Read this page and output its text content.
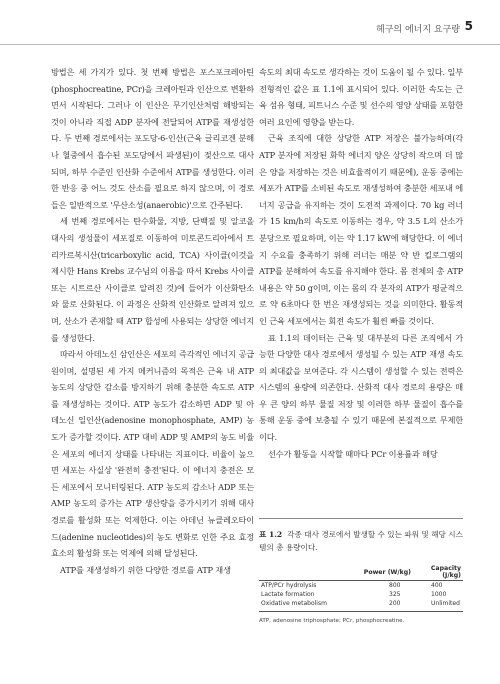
헤구의 에너지 요구량 5

방법은 세 가지가 있다. 첫 번째 방법은 포스포크레아틴(phosphocreatine, PCr)을 크레아틴과 인산으로 변환하면서 시작된다. 그러나 이 인산은 무기인산처럼 해방되는 것이 아니라 직접 ADP 분자에 전달되어 ATP를 재생성한다. 두 번째 경로에서는 포도당-6-인산(근육 글리코겐 분해나 혈중에서 흡수된 포도당에서 파생된)이 젖산으로 대사되며, 하부 수준인 인산화 수준에서 ATP를 생성한다. 이러한 반응 중 어느 것도 산소를 필요로 하지 않으며, 이 경로들은 일반적으로 '무산소성(anaerobic)'으로 간주된다.

세 번째 경로에서는 탄수화물, 지방, 단백질 및 알코올 대사의 생성물이 세포질로 이동하여 미토콘드리아에서 트리카르복시산(tricarboxylic acid, TCA) 사이클(이것을 제시한 Hans Krebs 교수님의 이름을 따서 Krebs 사이클 또는 시트르산 사이클로 알려진 것)에 들어가 이산화탄소와 물로 산화된다. 이 과정은 산화적 인산화로 알려져 있으며, 산소가 존재할 때 ATP 합성에 사용되는 상당한 에너지를 생성한다.

따라서 아데노신 삼인산은 세포의 즉각적인 에너지 공급원이며, 설명된 세 가지 메커니즘의 목적은 근육 내 ATP 농도의 상당한 감소를 방지하기 위해 충분한 속도로 ATP를 재생성하는 것이다. ATP 농도가 감소하면 ADP 및 아데노신 일인산(adenosine monophosphate, AMP) 농도가 증가할 것이다. ATP 대비 ADP 및 AMP의 농도 비율은 세포의 에너지 상태를 나타내는 지표이다. 비율이 높으면 세포는 사실상 '완전히 충전'된다. 이 에너지 충전은 모든 세포에서 모니터링된다. ATP 농도의 감소나 ADP 또는 AMP 농도의 증가는 ATP 생산량을 증가시키기 위해 대사 경로를 활성화 또는 억제한다. 이는 아데닌 뉴클레오타이드(adenine nucleotides)의 농도 변화로 인한 주요 효정 효소의 활성화 또는 억제에 의해 달성된다.

ATP를 재생성하기 위한 다양한 경로를 ATP 재생

속도의 최대 속도로 생각하는 것이 도움이 될 수 있다. 일부 전형적인 값은 표 1.1에 표시되어 있다. 이러한 속도는 근육 섬유 형태, 피트니스 수준 및 선수의 영양 상태를 포함한 여러 요인에 영향을 받는다.

근육 조직에 대한 상당한 ATP 저장은 불가능하며(각 ATP 분자에 저장된 화학 에너지 양은 상당히 작으며 더 많은 양을 저장하는 것은 비효율적이기 때문에), 운동 중에는 세포가 ATP를 소비된 속도로 재생성하여 충분한 세포내 에너지 공급을 유지하는 것이 도전적 과제이다. 70 kg 러너가 15 km/h의 속도로 이동하는 경우, 약 3.5 L의 산소가 분당으로 필요하며, 이는 약 1.17 kW에 해당한다. 이 에너지 수요를 충족하기 위해 러너는 매분 약 반 킬로그램의 ATP를 분해하여 속도를 유지해야 한다. 몸 전체의 총 ATP 내용은 약 50 g이며, 이는 몸의 각 분자의 ATP가 평균적으로 약 6초마다 한 번은 재생성되는 것을 의미한다. 활동적인 근육 세포에서는 회전 속도가 훨씬 빠를 것이다.

표 1.1의 데이터는 근육 및 대부분의 다른 조직에서 가능한 다양한 대사 경로에서 생성될 수 있는 ATP 재생 속도의 최대값을 보여준다. 각 시스템이 생성할 수 있는 전력은 시스템의 용량에 의존한다. 산화적 대사 경로의 용량은 매우 큰 양의 하부 물질 저장 및 이러한 하부 물질이 흡수를 통해 운동 중에 보충될 수 있기 때문에 본질적으로 무제한이다.

선수가 활동을 시작할 때마다 PCr 이용률과 해당

표 1.2 각종 대사 경로에서 발생할 수 있는 파워 및 해당 시스템의 총 용량이다.
Power (W/kg)	Capacity (J/kg)
ATP/PCr hydrolysis	800	400
Lactate formation	325	1000
Oxidative metabolism	200	Unlimited
ATP, adenosine triphosphate; PCr, phosphocreatine.
